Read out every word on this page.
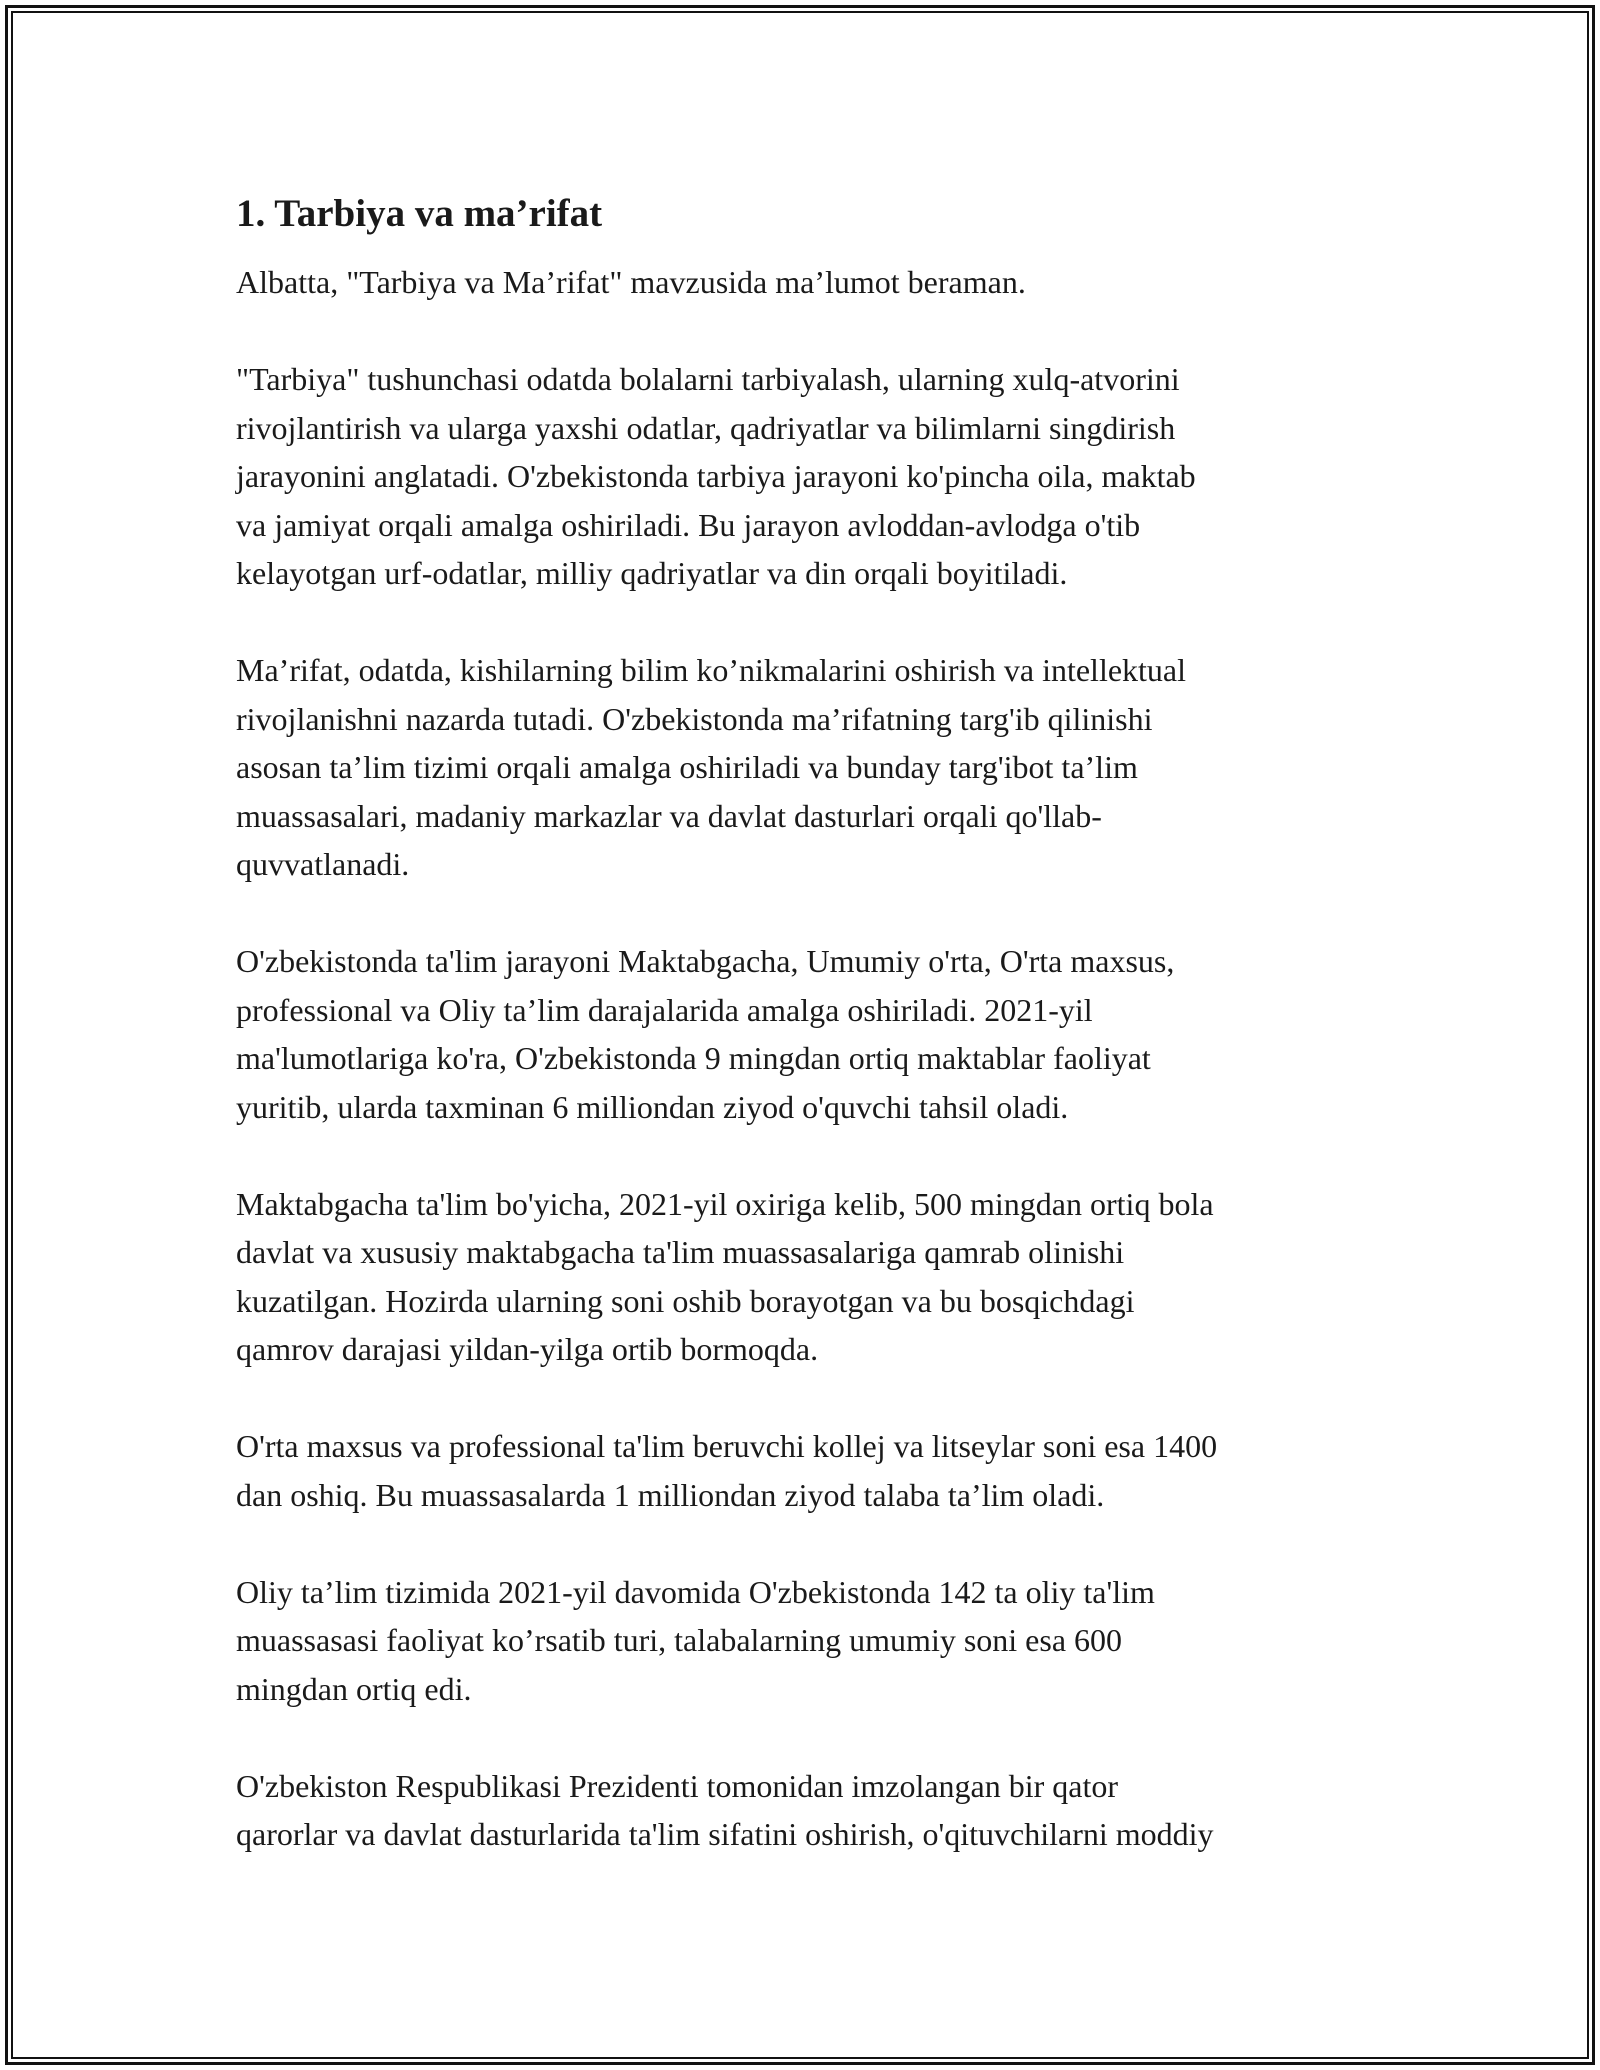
1. Tarbiya va ma’rifat

Albatta, "Tarbiya va Ma’rifat" mavzusida ma’lumot beraman.

"Tarbiya" tushunchasi odatda bolalarni tarbiyalash, ularning xulq-atvorini
rivojlantirish va ularga yaxshi odatlar, qadriyatlar va bilimlarni singdirish
jarayonini anglatadi. O'zbekistonda tarbiya jarayoni ko'pincha oila, maktab
va jamiyat orqali amalga oshiriladi. Bu jarayon avloddan-avlodga o'tib
kelayotgan urf-odatlar, milliy qadriyatlar va din orqali boyitiladi.

Ma’rifat, odatda, kishilarning bilim ko’nikmalarini oshirish va intellektual
rivojlanishni nazarda tutadi. O'zbekistonda ma’rifatning targ'ib qilinishi
asosan ta’lim tizimi orqali amalga oshiriladi va bunday targ'ibot ta’lim
muassasalari, madaniy markazlar va davlat dasturlari orqali qo'llab-
quvvatlanadi.

O'zbekistonda ta'lim jarayoni Maktabgacha, Umumiy o'rta, O'rta maxsus,
professional va Oliy ta’lim darajalarida amalga oshiriladi. 2021-yil
ma'lumotlariga ko'ra, O'zbekistonda 9 mingdan ortiq maktablar faoliyat
yuritib, ularda taxminan 6 milliondan ziyod o'quvchi tahsil oladi.

Maktabgacha ta'lim bo'yicha, 2021-yil oxiriga kelib, 500 mingdan ortiq bola
davlat va xususiy maktabgacha ta'lim muassasalariga qamrab olinishi
kuzatilgan. Hozirda ularning soni oshib borayotgan va bu bosqichdagi
qamrov darajasi yildan-yilga ortib bormoqda.

O'rta maxsus va professional ta'lim beruvchi kollej va litseylar soni esa 1400
dan oshiq. Bu muassasalarda 1 milliondan ziyod talaba ta’lim oladi.

Oliy ta’lim tizimida 2021-yil davomida O'zbekistonda 142 ta oliy ta'lim
muassasasi faoliyat ko’rsatib turi, talabalarning umumiy soni esa 600
mingdan ortiq edi.

O'zbekiston Respublikasi Prezidenti tomonidan imzolangan bir qator
qarorlar va davlat dasturlarida ta'lim sifatini oshirish, o'qituvchilarni moddiy
